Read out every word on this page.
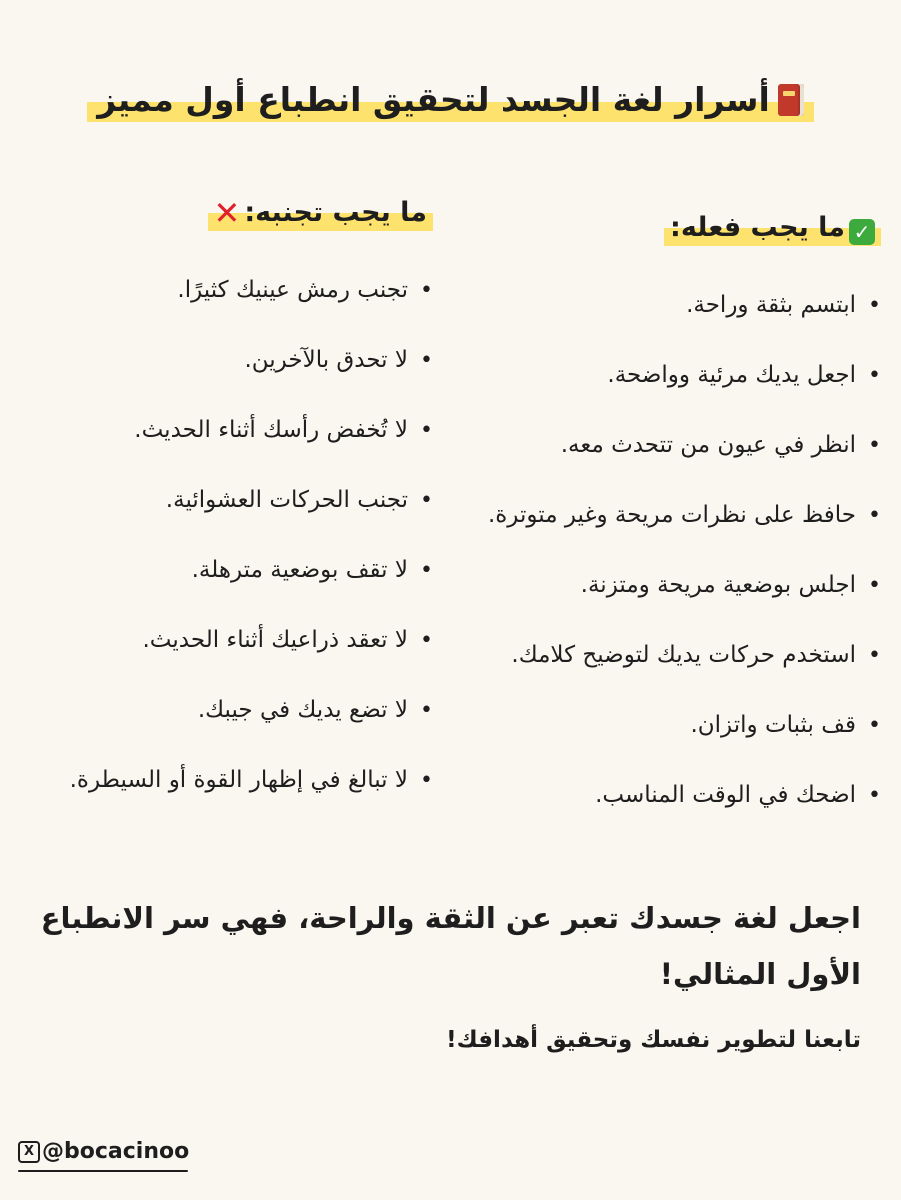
أسرار لغة الجسد لتحقيق انطباع أول مميز
✓ما يجب فعله:
•ابتسم بثقة وراحة.
•اجعل يديك مرئية وواضحة.
•انظر في عيون من تتحدث معه.
•حافظ على نظرات مريحة وغير متوترة.
•اجلس بوضعية مريحة ومتزنة.
•استخدم حركات يديك لتوضيح كلامك.
•قف بثبات واتزان.
•اضحك في الوقت المناسب.
ما يجب تجنبه:✕
•تجنب رمش عينيك كثيرًا.
•لا تحدق بالآخرين.
•لا تُخفض رأسك أثناء الحديث.
•تجنب الحركات العشوائية.
•لا تقف بوضعية مترهلة.
•لا تعقد ذراعيك أثناء الحديث.
•لا تضع يديك في جيبك.
•لا تبالغ في إظهار القوة أو السيطرة.
اجعل لغة جسدك تعبر عن الثقة والراحة، فهي سر الانطباع الأول المثالي!
تابعنا لتطوير نفسك وتحقيق أهدافك!
X @bocacinoo
